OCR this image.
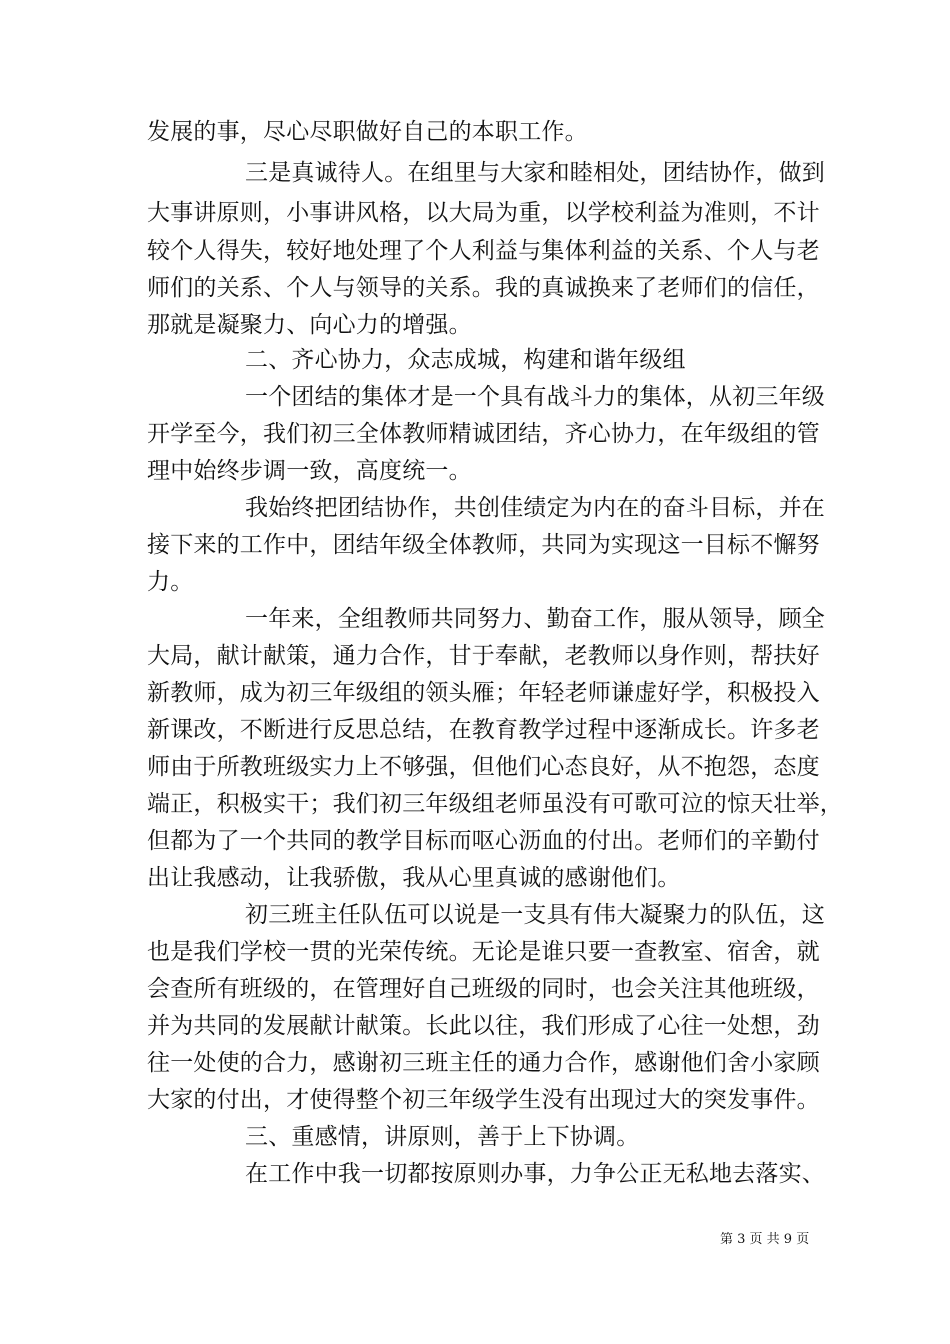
发展的事，尽心尽职做好自己的本职工作。
三是真诚待人。在组里与大家和睦相处，团结协作，做到
大事讲原则，小事讲风格，以大局为重，以学校利益为准则，不计
较个人得失，较好地处理了个人利益与集体利益的关系、个人与老
师们的关系、个人与领导的关系。我的真诚换来了老师们的信任，
那就是凝聚力、向心力的增强。
二、齐心协力，众志成城，构建和谐年级组
一个团结的集体才是一个具有战斗力的集体，从初三年级
开学至今，我们初三全体教师精诚团结，齐心协力，在年级组的管
理中始终步调一致，高度统一。
我始终把团结协作，共创佳绩定为内在的奋斗目标，并在
接下来的工作中，团结年级全体教师，共同为实现这一目标不懈努
力。
一年来，全组教师共同努力、勤奋工作，服从领导，顾全
大局，献计献策，通力合作，甘于奉献，老教师以身作则，帮扶好
新教师，成为初三年级组的领头雁；年轻老师谦虚好学，积极投入
新课改，不断进行反思总结，在教育教学过程中逐渐成长。许多老
师由于所教班级实力上不够强，但他们心态良好，从不抱怨，态度
端正，积极实干；我们初三年级组老师虽没有可歌可泣的惊天壮举，
但都为了一个共同的教学目标而呕心沥血的付出。老师们的辛勤付
出让我感动，让我骄傲，我从心里真诚的感谢他们。
初三班主任队伍可以说是一支具有伟大凝聚力的队伍，这
也是我们学校一贯的光荣传统。无论是谁只要一查教室、宿舍，就
会查所有班级的，在管理好自己班级的同时，也会关注其他班级，
并为共同的发展献计献策。长此以往，我们形成了心往一处想，劲
往一处使的合力，感谢初三班主任的通力合作，感谢他们舍小家顾
大家的付出，才使得整个初三年级学生没有出现过大的突发事件。
三、重感情，讲原则，善于上下协调。
在工作中我一切都按原则办事，力争公正无私地去落实、
第 3 页 共 9 页
